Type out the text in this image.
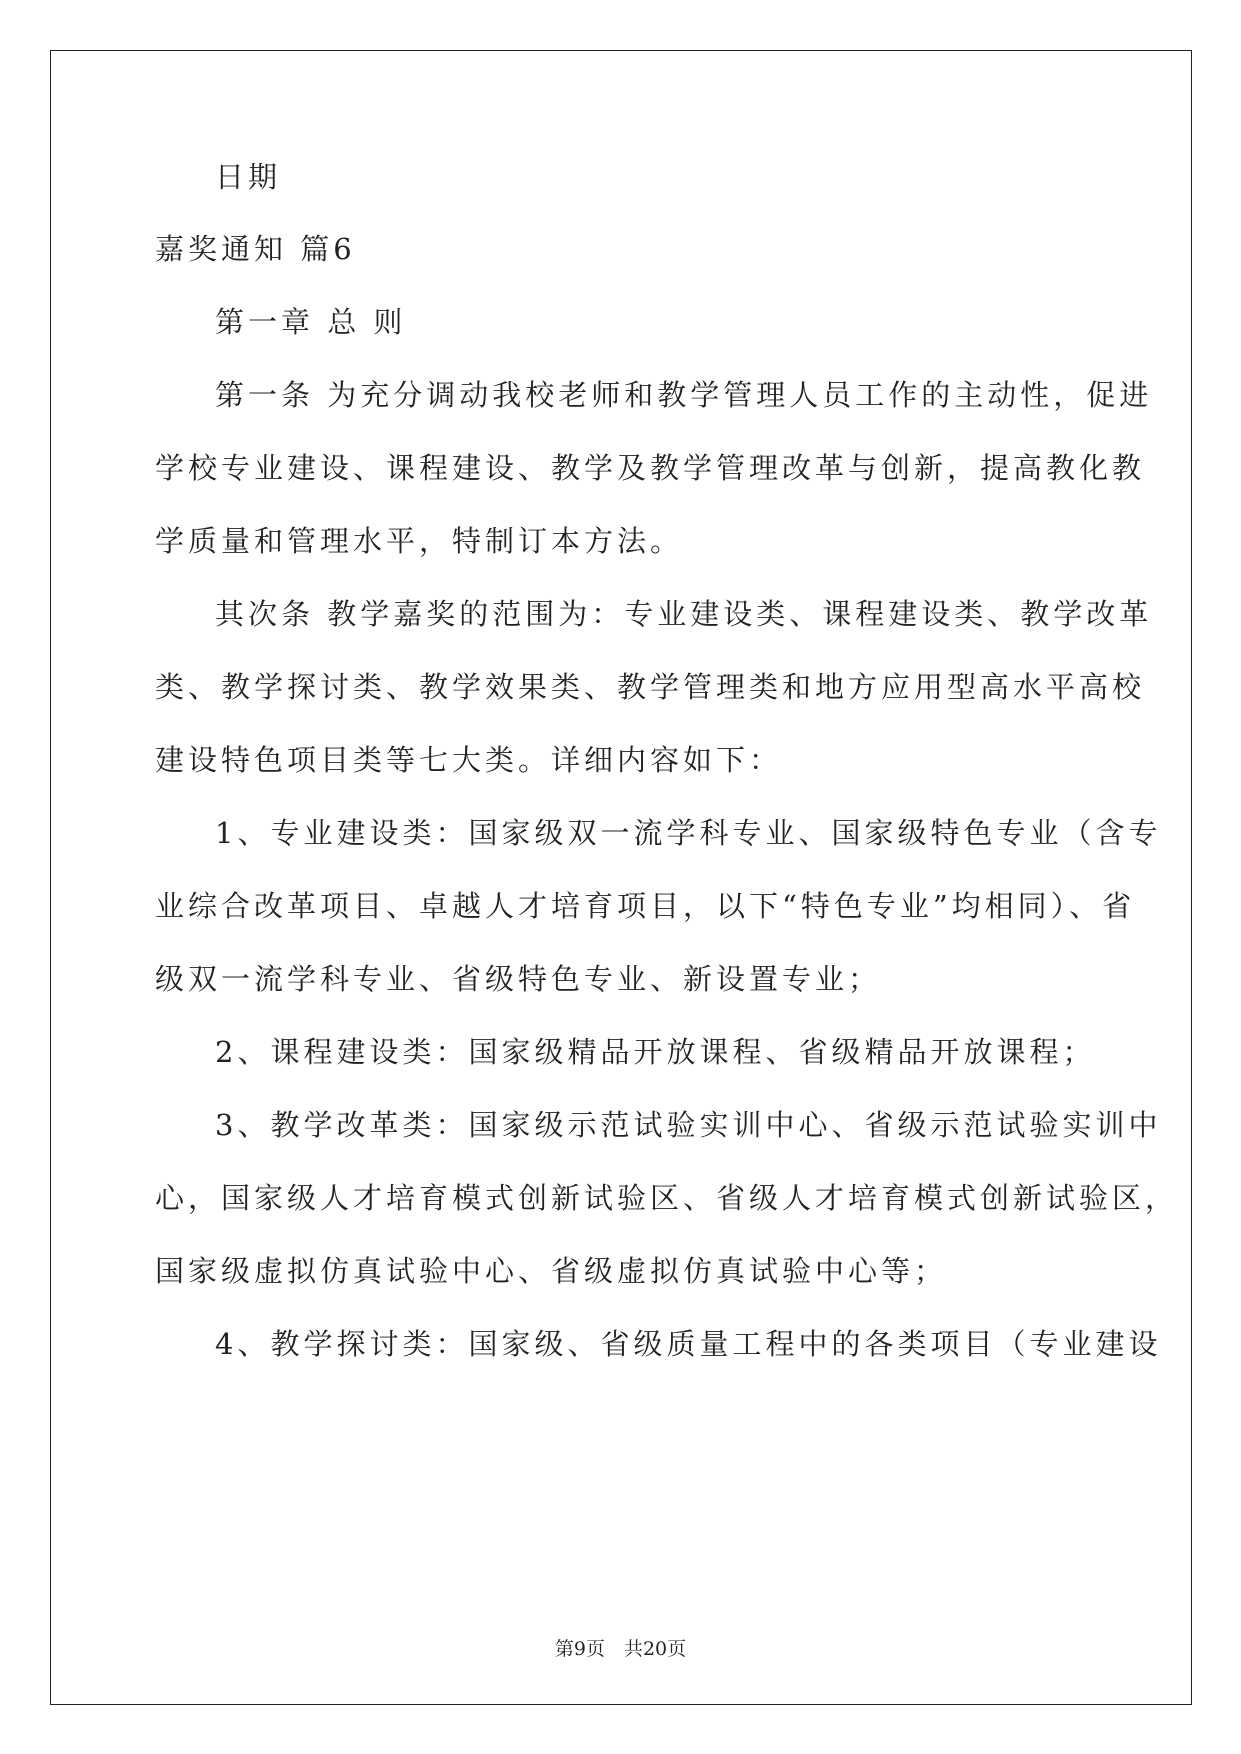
日期

嘉奖通知 篇6

第一章 总 则

第一条 为充分调动我校老师和教学管理人员工作的主动性，促进

学校专业建设、课程建设、教学及教学管理改革与创新，提高教化教

学质量和管理水平，特制订本方法。

其次条 教学嘉奖的范围为：专业建设类、课程建设类、教学改革

类、教学探讨类、教学效果类、教学管理类和地方应用型高水平高校

建设特色项目类等七大类。详细内容如下：

1、专业建设类：国家级双一流学科专业、国家级特色专业（含专

业综合改革项目、卓越人才培育项目，以下“特色专业”均相同）、省

级双一流学科专业、省级特色专业、新设置专业；

2、课程建设类：国家级精品开放课程、省级精品开放课程；

3、教学改革类：国家级示范试验实训中心、省级示范试验实训中

心，国家级人才培育模式创新试验区、省级人才培育模式创新试验区，

国家级虚拟仿真试验中心、省级虚拟仿真试验中心等；

4、教学探讨类：国家级、省级质量工程中的各类项目（专业建设

第9页　共20页
